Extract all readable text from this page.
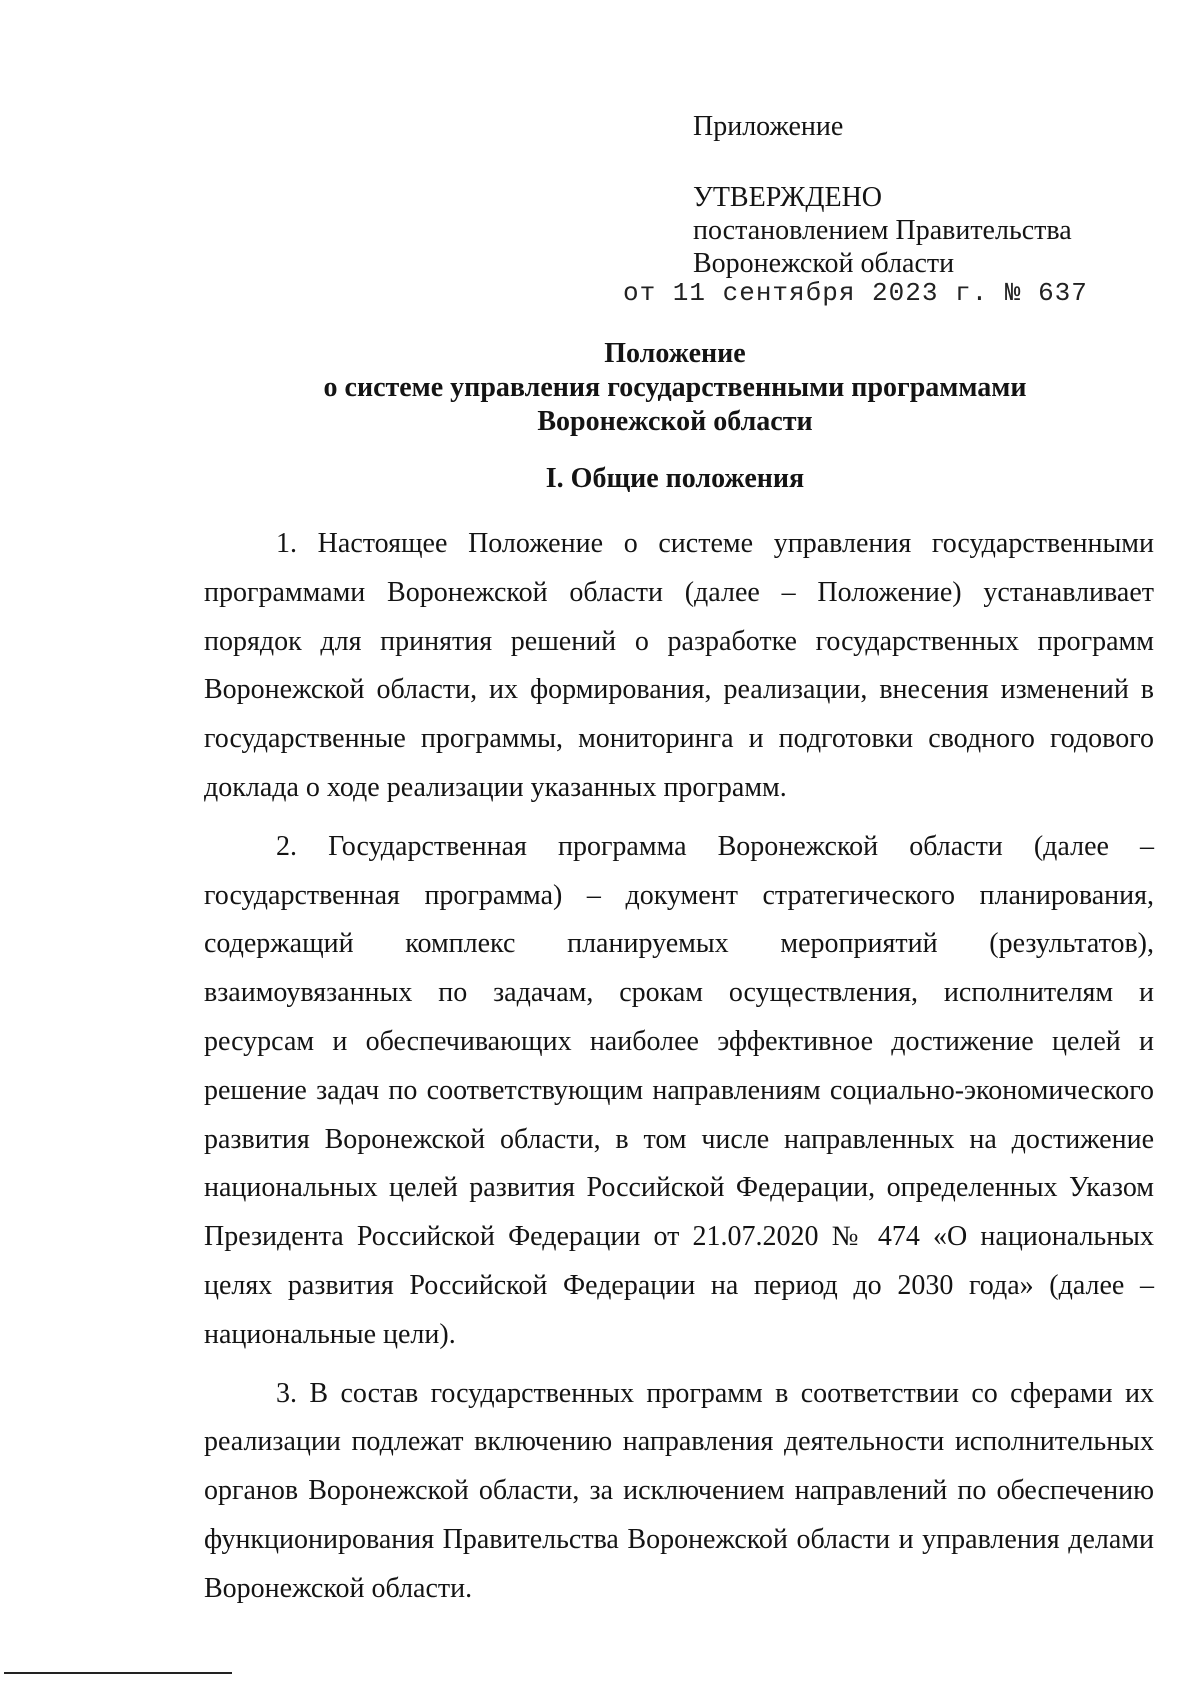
Приложение
УТВЕРЖДЕНО
постановлением Правительства
Воронежской области
от 11 сентября 2023 г. № 637
Положение
о системе управления государственными программами
Воронежской области
I. Общие положения

1. Настоящее Положение о системе управления государственными программами Воронежской области (далее – Положение) устанавливает порядок для принятия решений о разработке государственных программ Воронежской области, их формирования, реализации, внесения изменений в государственные программы, мониторинга и подготовки сводного годового доклада о ходе реализации указанных программ.

2. Государственная программа Воронежской области (далее – государственная программа) – документ стратегического планирования, содержащий комплекс планируемых мероприятий (результатов), взаимоувязанных по задачам, срокам осуществления, исполнителям и ресурсам и обеспечивающих наиболее эффективное достижение целей и решение задач по соответствующим направлениям социально-экономического развития Воронежской области, в том числе направленных на достижение национальных целей развития Российской Федерации, определенных Указом Президента Российской Федерации от 21.07.2020 № 474 «О национальных целях развития Российской Федерации на период до 2030 года» (далее – национальные цели).

3. В состав государственных программ в соответствии со сферами их реализации подлежат включению направления деятельности исполнительных органов Воронежской области, за исключением направлений по обеспечению функционирования Правительства Воронежской области и управления делами Воронежской области.
